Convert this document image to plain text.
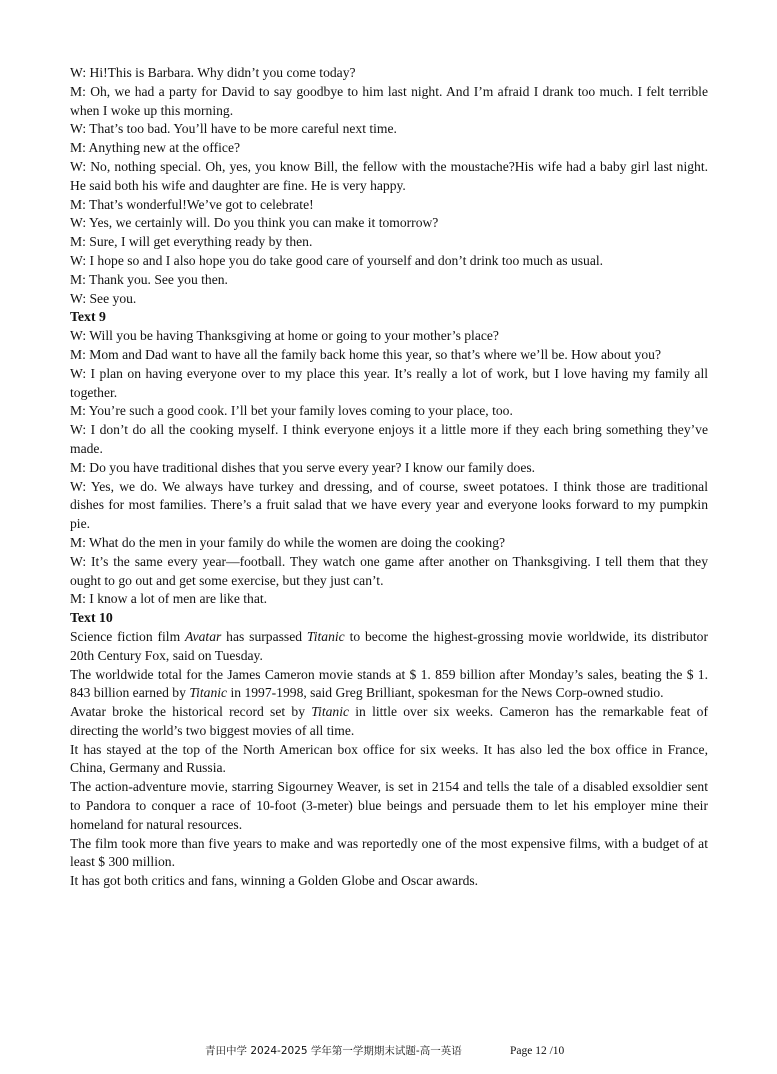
W: Hi!This is Barbara. Why didn’t you come today?

M: Oh, we had a party for David to say goodbye to him last night. And I’m afraid I drank too much. I felt terrible when I woke up this morning.

W: That’s too bad. You’ll have to be more careful next time.

M: Anything new at the office?

W: No, nothing special. Oh, yes, you know Bill, the fellow with the moustache?His wife had a baby girl last night. He said both his wife and daughter are fine. He is very happy.

M: That’s wonderful!We’ve got to celebrate!

W: Yes, we certainly will. Do you think you can make it tomorrow?

M: Sure, I will get everything ready by then.

W: I hope so and I also hope you do take good care of yourself and don’t drink too much as usual.

M: Thank you. See you then.

W: See you.

Text 9

W: Will you be having Thanksgiving at home or going to your mother’s place?

M: Mom and Dad want to have all the family back home this year, so that’s where we’ll be. How about you?

W: I plan on having everyone over to my place this year. It’s really a lot of work, but I love having my family all together.

M: You’re such a good cook. I’ll bet your family loves coming to your place, too.

W: I don’t do all the cooking myself. I think everyone enjoys it a little more if they each bring something they’ve made.

M: Do you have traditional dishes that you serve every year? I know our family does.

W: Yes, we do. We always have turkey and dressing, and of course, sweet potatoes. I think those are traditional dishes for most families. There’s a fruit salad that we have every year and everyone looks forward to my pumpkin pie.

M: What do the men in your family do while the women are doing the cooking?

W: It’s the same every year—football. They watch one game after another on Thanksgiving. I tell them that they ought to go out and get some exercise, but they just can’t.

M: I know a lot of men are like that.

Text 10

Science fiction film Avatar has surpassed Titanic to become the highest-grossing movie worldwide, its distributor 20th Century Fox, said on Tuesday.

The worldwide total for the James Cameron movie stands at $ 1. 859 billion after Monday’s sales, beating the $ 1. 843 billion earned by Titanic in 1997-1998, said Greg Brilliant, spokesman for the News Corp-owned studio.

Avatar broke the historical record set by Titanic in little over six weeks. Cameron has the remarkable feat of directing the world’s two biggest movies of all time.

It has stayed at the top of the North American box office for six weeks. It has also led the box office in France, China, Germany and Russia.

The action-adventure movie, starring Sigourney Weaver, is set in 2154 and tells the tale of a disabled exsoldier sent to Pandora to conquer a race of 10-foot (3-meter) blue beings and persuade them to let his employer mine their homeland for natural resources.

The film took more than five years to make and was reportedly one of the most expensive films, with a budget of at least $ 300 million.

It has got both critics and fans, winning a Golden Globe and Oscar awards.

青田中学 2024-2025 学年第一学期期末试题-高一英语	Page 12 /10
